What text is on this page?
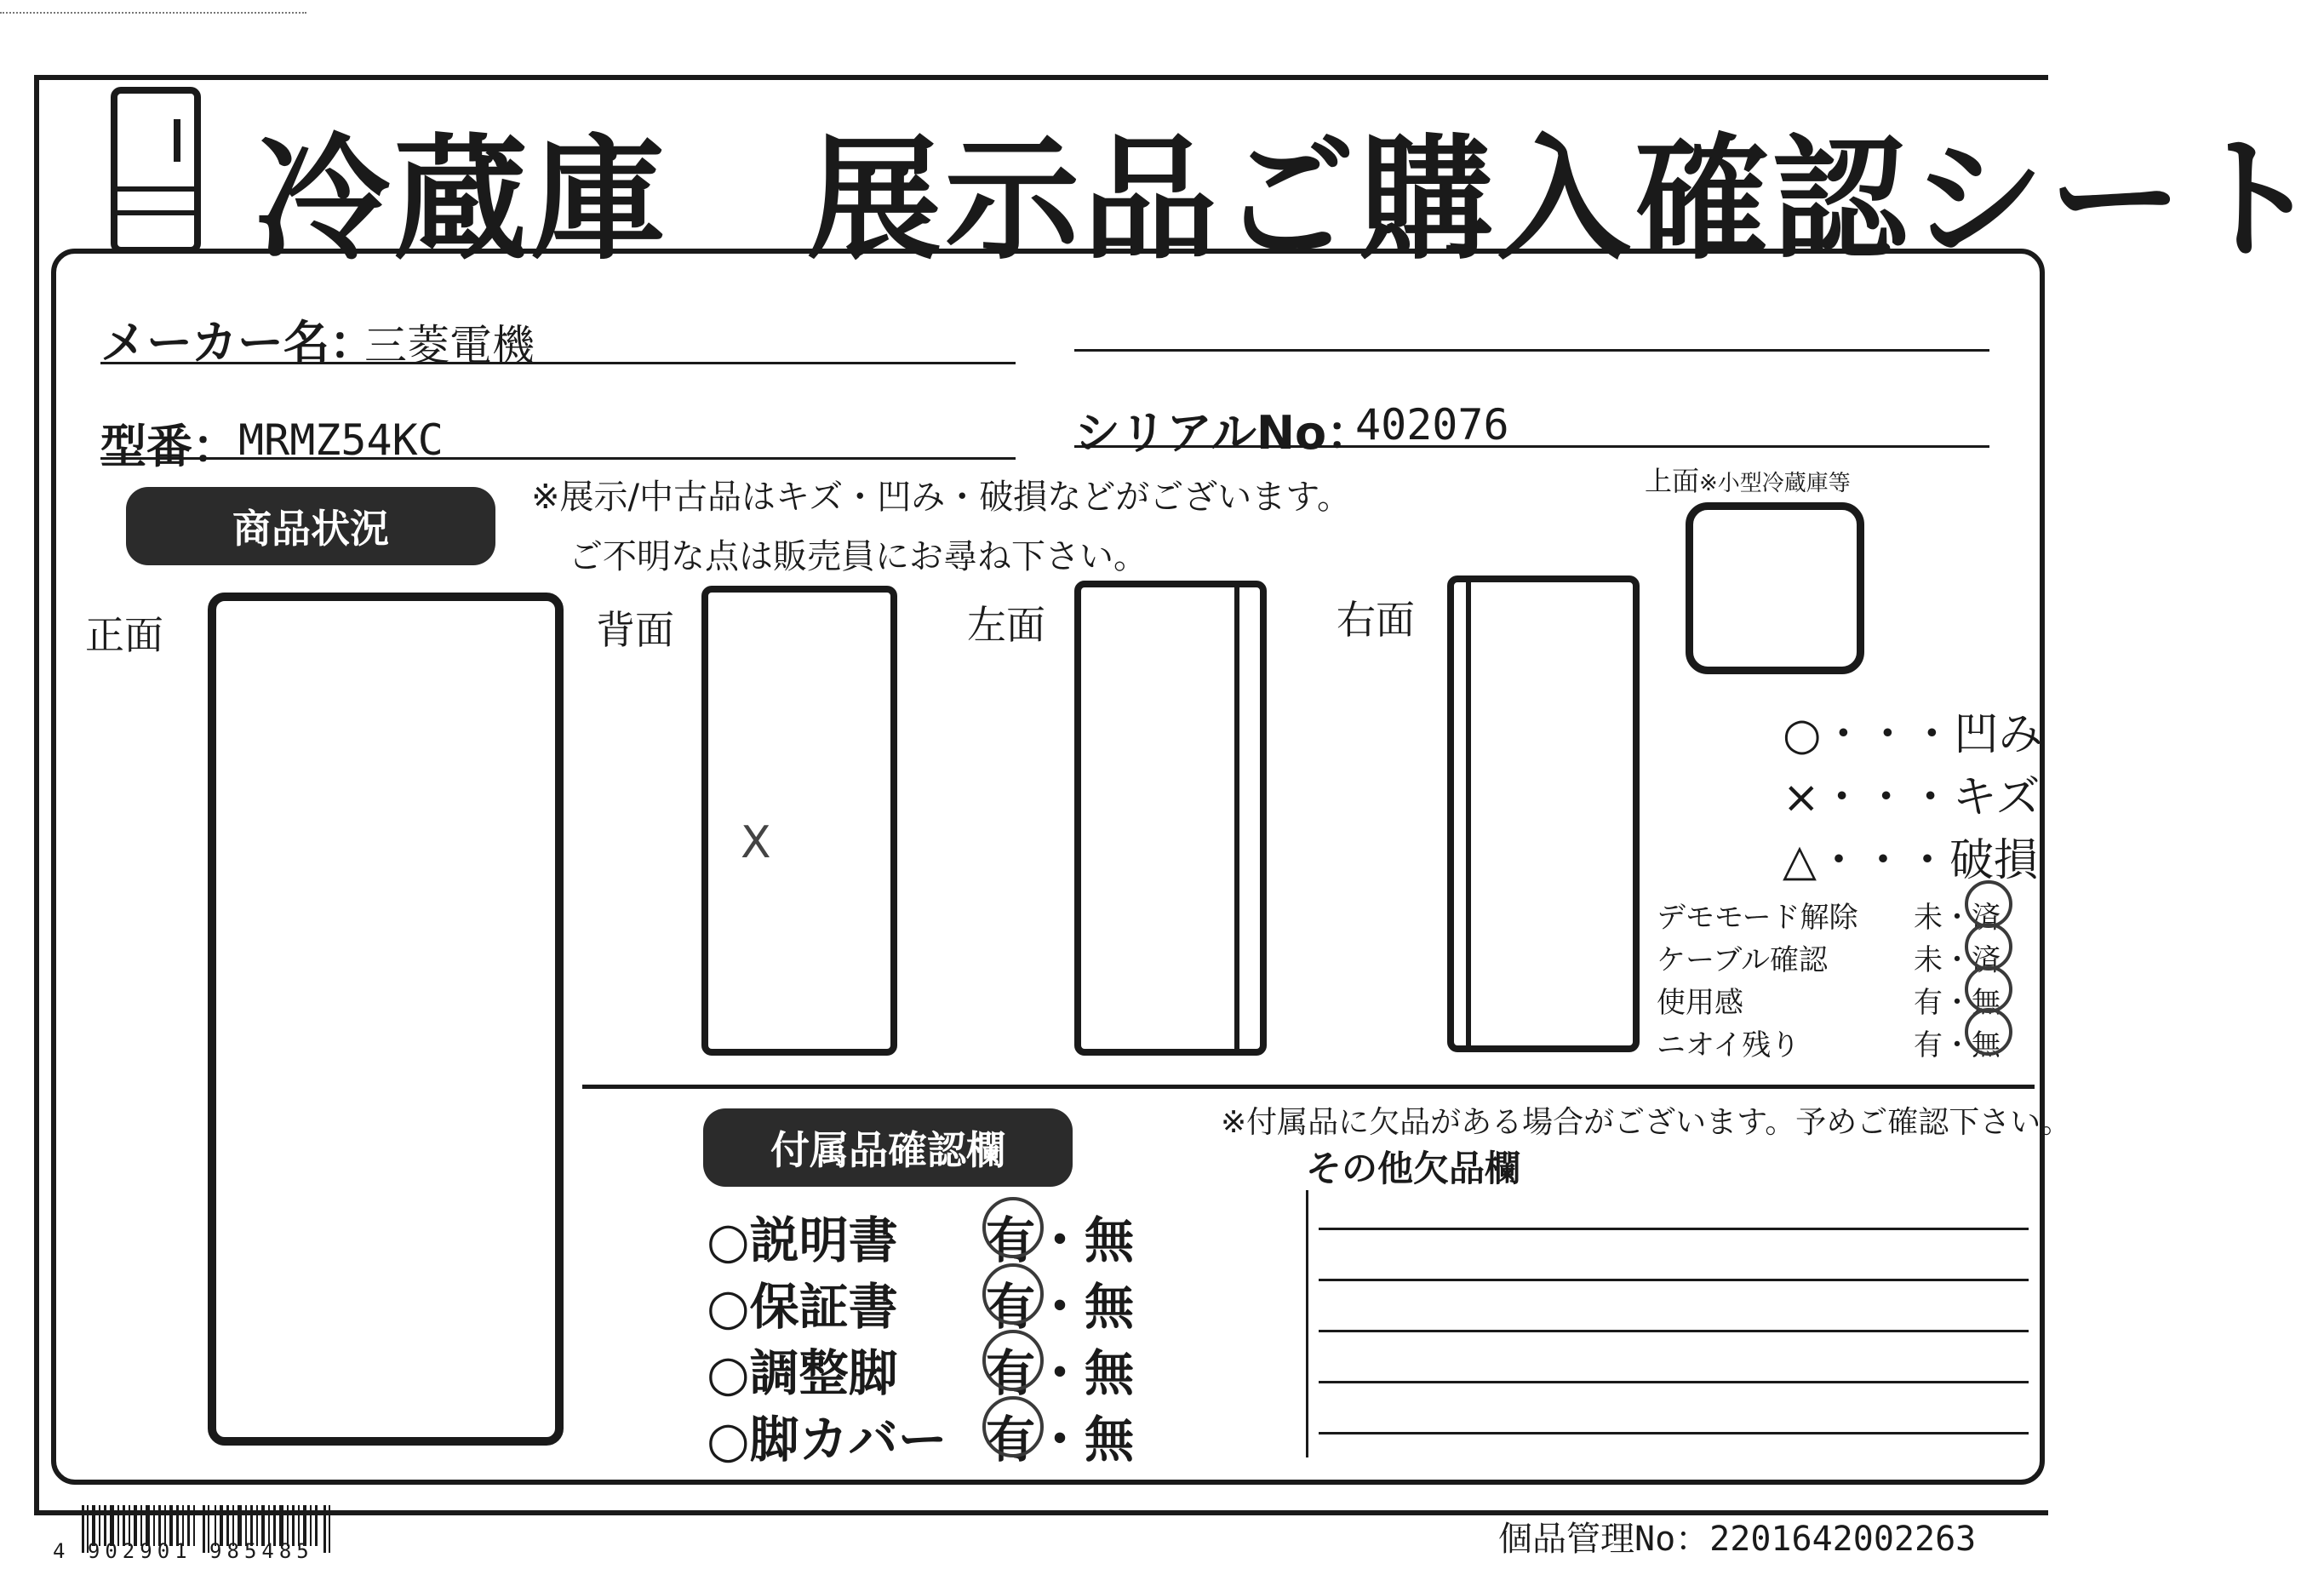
冷蔵庫　展示品ご購入確認シート
メーカー名：
三菱電機
型番： MRMZ54KC	シリアルNo：
402076
商品状況
※展示/中古品はキズ・凹み・破損などがございます。
ご不明な点は販売員にお尋ね下さい。
上面※小型冷蔵庫等
正面	背面
X
左面	右面
○・・・凹み
×・・・キズ
△・・・破損
デモモード解除 未・済
ケーブル確認	未・済
使用感	有・無
ニオイ残り	有・無
付属品確認欄
※付属品に欠品がある場合がございます。予めご確認下さい。
その他欠品欄
○説明書 有・無
○保証書 有・無
○調整脚 有・無
○脚カバー 有・無
4 902901 985485	個品管理No：2201642002263
